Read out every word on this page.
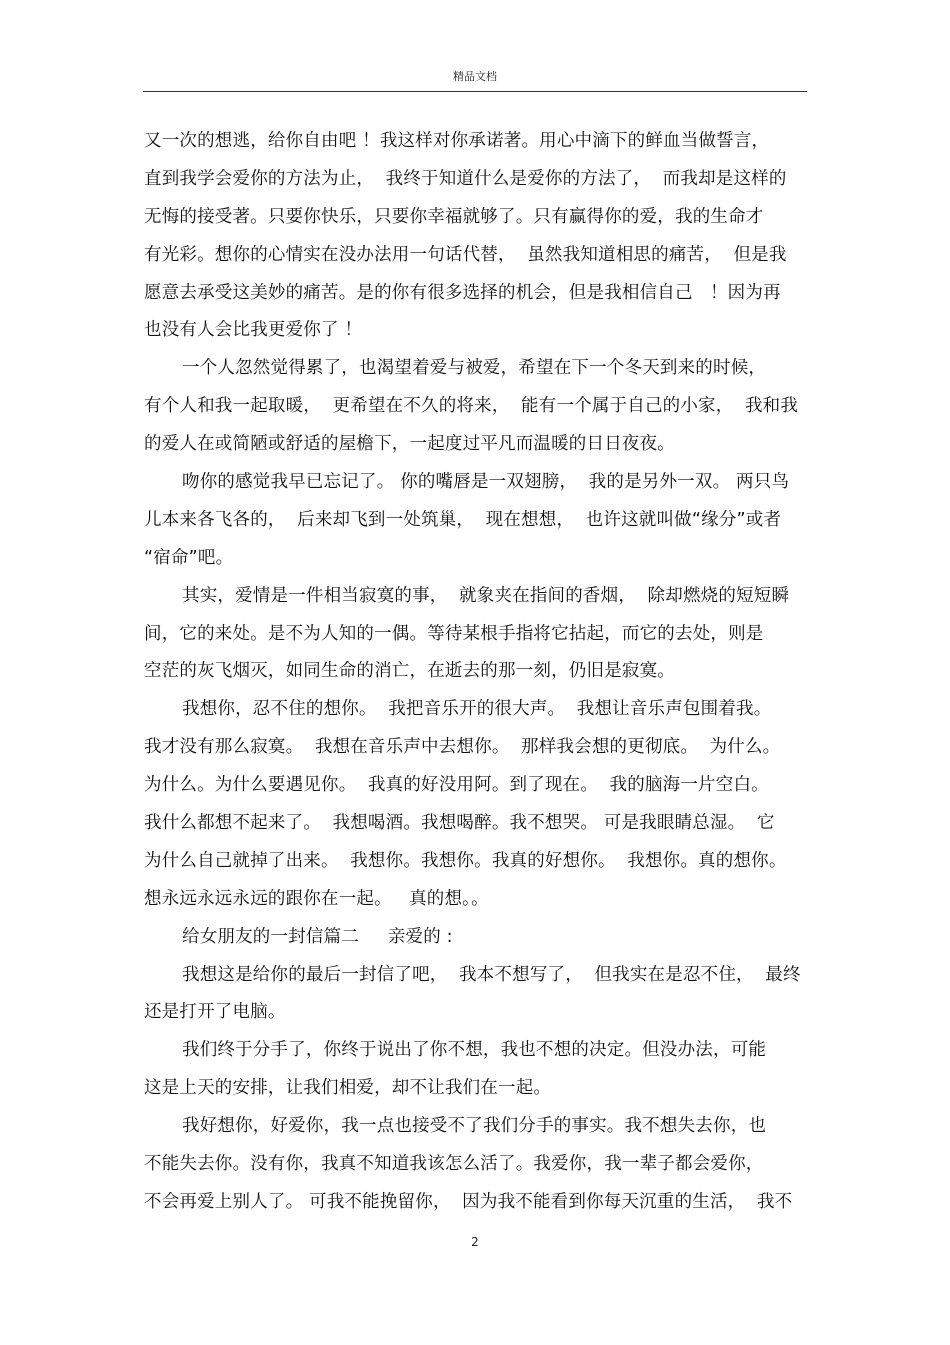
精品文档
又一次的想逃，给你自由吧 ！我这样对你承诺著。用心中滴下的鲜血当做誓言，
直到我学会爱你的方法为止，  我终于知道什么是爱你的方法了，  而我却是这样的
无悔的接受著。只要你快乐，只要你幸福就够了。只有赢得你的爱，我的生命才
有光彩。想你的心情实在没办法用一句话代替，  虽然我知道相思的痛苦，  但是我
愿意去承受这美妙的痛苦。是的你有很多选择的机会，但是我相信自己   ！因为再
也没有人会比我更爱你了 ！
一个人忽然觉得累了，也渴望着爱与被爱，希望在下一个冬天到来的时候，
有个人和我一起取暖，  更希望在不久的将来，  能有一个属于自己的小家，  我和我
的爱人在或简陋或舒适的屋檐下，一起度过平凡而温暖的日日夜夜。
吻你的感觉我早已忘记了。 你的嘴唇是一双翅膀，  我的是另外一双。 两只鸟
儿本来各飞各的，  后来却飞到一处筑巢，  现在想想，  也许这就叫做“缘分”或者
“宿命”吧。
其实，爱情是一件相当寂寞的事，  就象夹在指间的香烟，  除却燃烧的短短瞬
间，它的来处。是不为人知的一偶。等待某根手指将它拈起，而它的去处，则是
空茫的灰飞烟灭，如同生命的消亡，在逝去的那一刻，仍旧是寂寞。
我想你，忍不住的想你。  我把音乐开的很大声。  我想让音乐声包围着我。
我才没有那么寂寞。  我想在音乐声中去想你。  那样我会想的更彻底。  为什么。
为什么。为什么要遇见你。  我真的好没用阿。到了现在。  我的脑海一片空白。
我什么都想不起来了。  我想喝酒。我想喝醉。我不想哭。 可是我眼睛总湿。  它
为什么自己就掉了出来。  我想你。我想你。我真的好想你。  我想你。真的想你。
想永远永远永远的跟你在一起。   真的想。。
给女朋友的一封信篇二     亲爱的 :
我想这是给你的最后一封信了吧，  我本不想写了，  但我实在是忍不住，  最终
还是打开了电脑。
我们终于分手了，你终于说出了你不想，我也不想的决定。但没办法，可能
这是上天的安排，让我们相爱，却不让我们在一起。
我好想你，好爱你，我一点也接受不了我们分手的事实。我不想失去你，也
不能失去你。没有你，我真不知道我该怎么活了。我爱你，我一辈子都会爱你，
不会再爱上别人了。 可我不能挽留你，  因为我不能看到你每天沉重的生活，  我不
2
